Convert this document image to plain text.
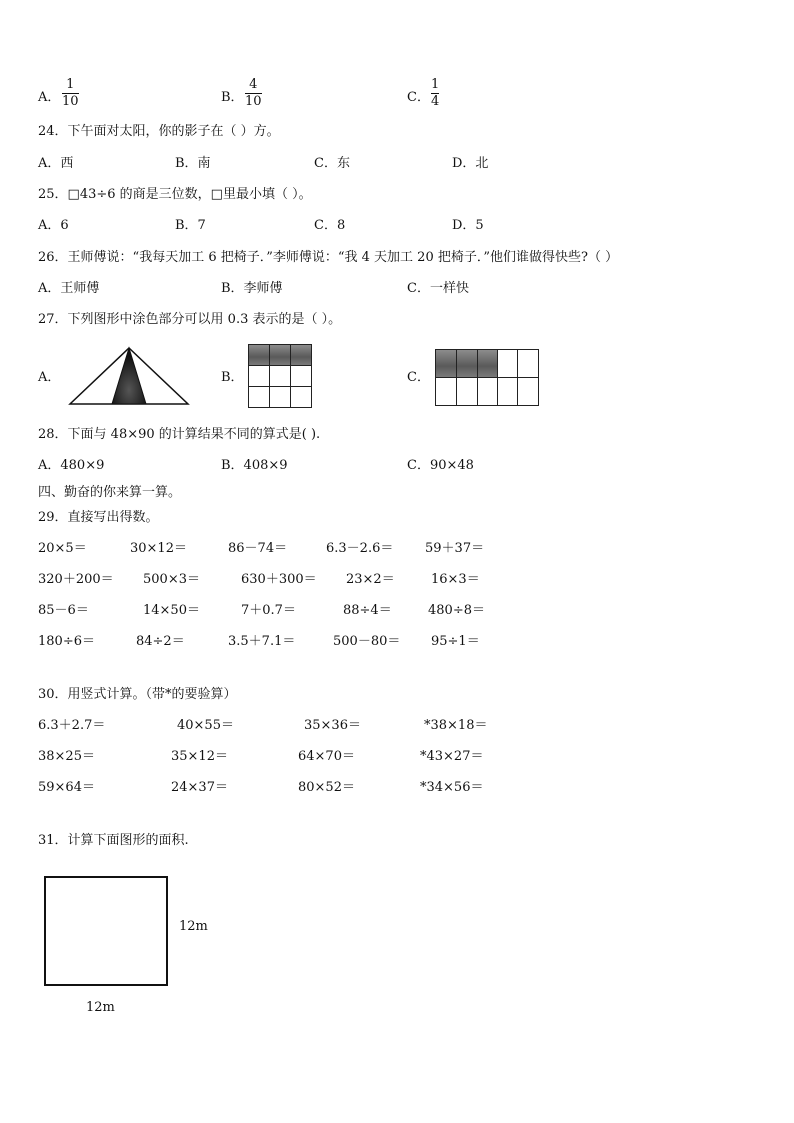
A．
1
10	B．
4
10	C．
1
4
24．下午面对太阳，你的影子在（ ）方。
A．西	B．南	C．东	D．北
25．□43÷6 的商是三位数，□里最小填（ ）。
A．6	B．7	C．8	D．5
26．王师傅说：“我每天加工 6 把椅子．”李师傅说：“我 4 天加工 20 把椅子．”他们谁做得快些?（ ）
A．王师傅	B．李师傅	C．一样快
27．下列图形中涂色部分可以用 0.3 表示的是（ ）。
A．	B．	C．
28．下面与 48×90 的计算结果不同的算式是( ).
A．480×9	B．408×9	C．90×48
四、勤奋的你来算一算。
29．直接写出得数。
20×5＝	30×12＝	86－74＝	6.3－2.6＝ 59＋37＝
320＋200＝ 500×3＝	630＋300＝ 23×2＝	16×3＝
85－6＝	14×50＝	7＋0.7＝	88÷4＝	480÷8＝
180÷6＝	84÷2＝	3.5＋7.1＝	500－80＝ 95÷1＝
30．用竖式计算。（带*的要验算）
6.3＋2.7＝	40×55＝	35×36＝	*38×18＝
38×25＝	35×12＝	64×70＝	*43×27＝
59×64＝	24×37＝	80×52＝	*34×56＝
31．计算下面图形的面积.
12m
12m
